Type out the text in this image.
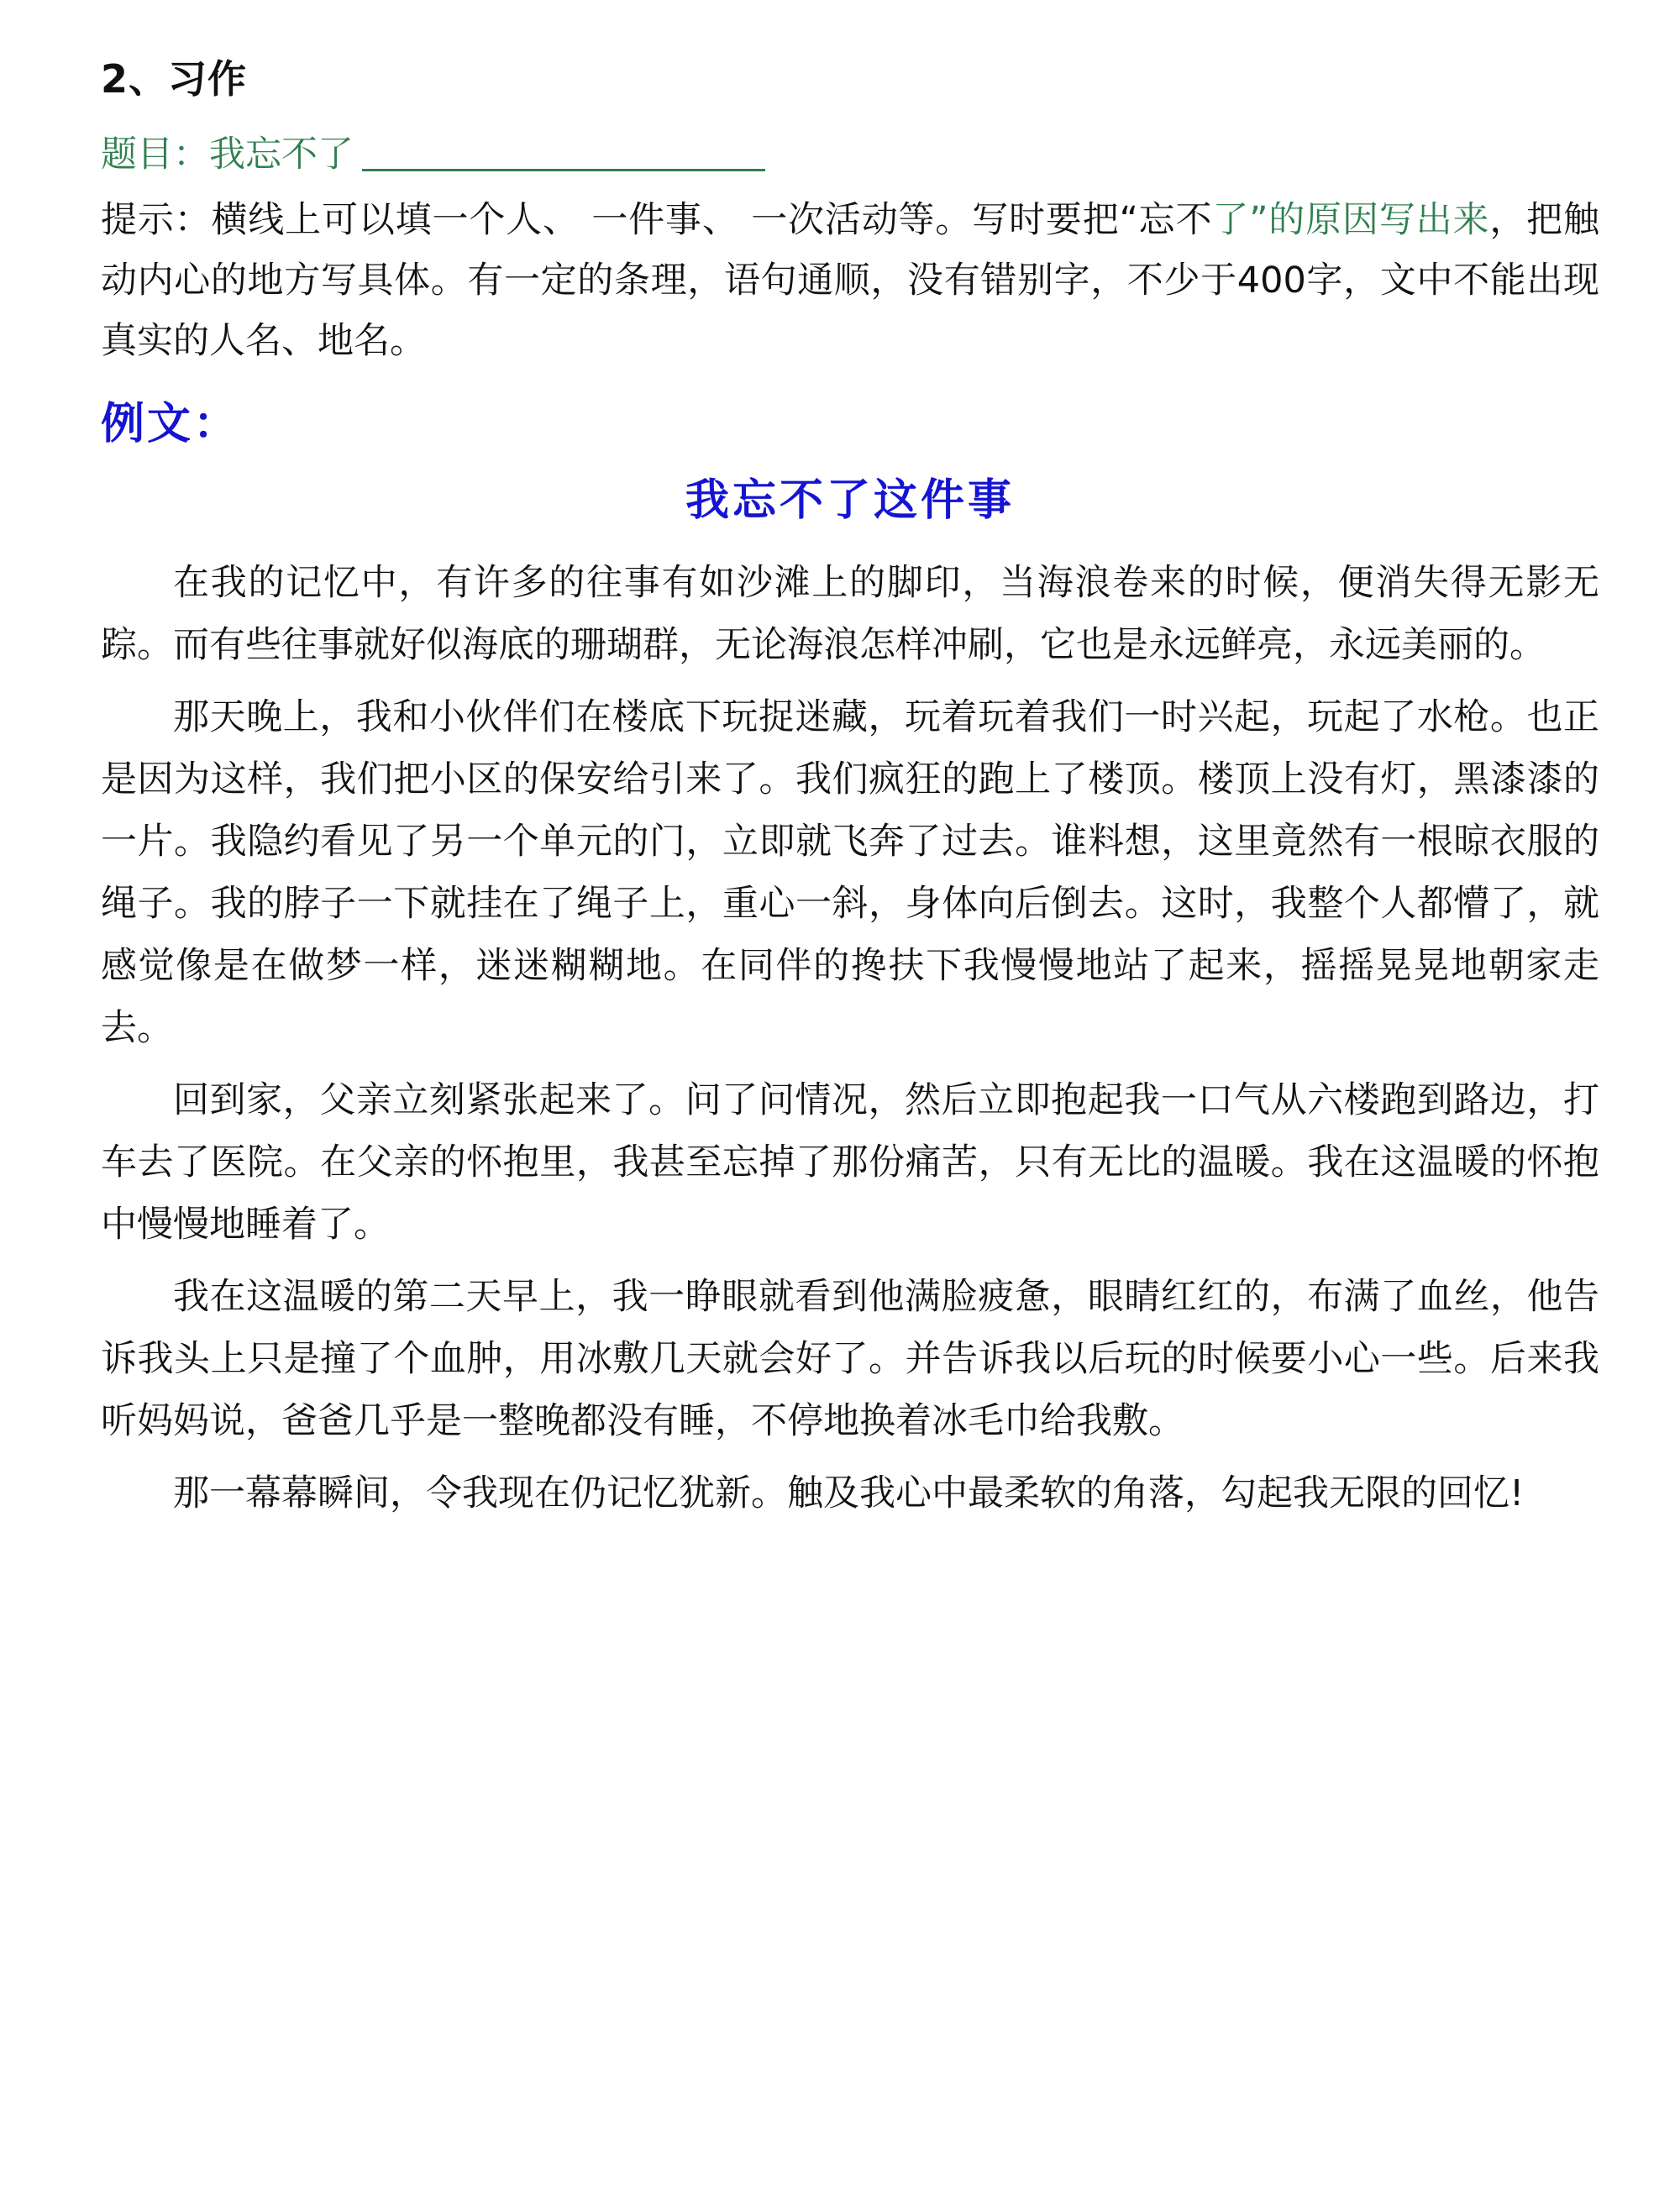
2、习作
题目：我忘不了
提示：横线上可以填一个人、 一件事、 一次活动等。写时要把“忘不了”的原因写出来，把触动内心的地方写具体。有一定的条理，语句通顺，没有错别字，不少于400字，文中不能出现真实的人名、地名。
例文：
我忘不了这件事

在我的记忆中，有许多的往事有如沙滩上的脚印，当海浪卷来的时候，便消失得无影无踪。而有些往事就好似海底的珊瑚群，无论海浪怎样冲刷，它也是永远鲜亮，永远美丽的。

那天晚上，我和小伙伴们在楼底下玩捉迷藏，玩着玩着我们一时兴起，玩起了水枪。也正是因为这样，我们把小区的保安给引来了。我们疯狂的跑上了楼顶。楼顶上没有灯，黑漆漆的一片。我隐约看见了另一个单元的门，立即就飞奔了过去。谁料想，这里竟然有一根晾衣服的绳子。我的脖子一下就挂在了绳子上，重心一斜，身体向后倒去。这时，我整个人都懵了，就感觉像是在做梦一样，迷迷糊糊地。在同伴的搀扶下我慢慢地站了起来，摇摇晃晃地朝家走去。

回到家，父亲立刻紧张起来了。问了问情况，然后立即抱起我一口气从六楼跑到路边，打车去了医院。在父亲的怀抱里，我甚至忘掉了那份痛苦，只有无比的温暖。我在这温暖的怀抱中慢慢地睡着了。

我在这温暖的第二天早上，我一睁眼就看到他满脸疲惫，眼睛红红的，布满了血丝，他告诉我头上只是撞了个血肿，用冰敷几天就会好了。并告诉我以后玩的时候要小心一些。后来我听妈妈说，爸爸几乎是一整晚都没有睡，不停地换着冰毛巾给我敷。

那一幕幕瞬间，令我现在仍记忆犹新。触及我心中最柔软的角落，勾起我无限的回忆!
